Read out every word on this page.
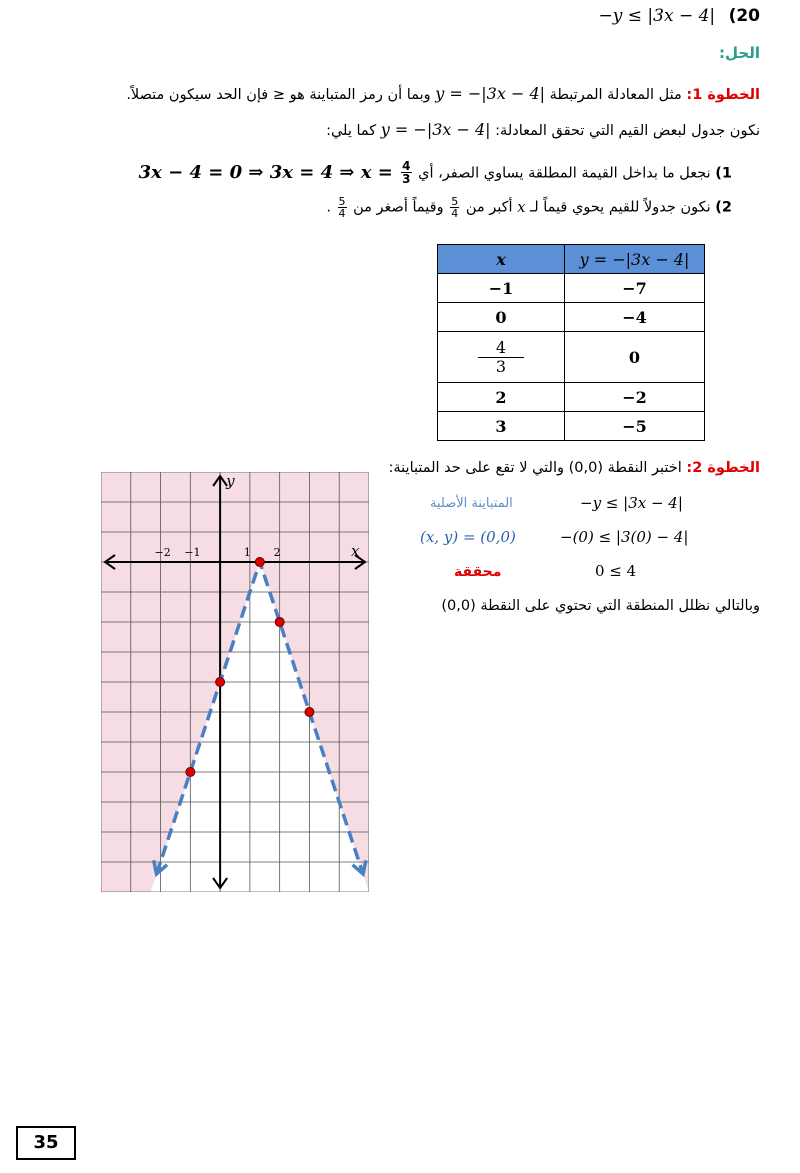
−y ≤ |3x − 4| (20
الحل:
الخطوة 1: مثل المعادلة المرتبطة y = −|3x − 4| وبما أن رمز المتباينة هو ≤ فإن الحد سيكون متصلاً.
نكون جدول لبعض القيم التي تحقق المعادلة: y = −|3x − 4| كما يلي:
1) نجعل ما بداخل القيمة المطلقة يساوي الصفر، أي 3x − 4 = 0 ⇒ 3x = 4 ⇒ $x = \frac{4}{3}$
2) نكون جدولاً للقيم يحوي قيماً لـ x أكبر من
$\frac{5}{4}$
وقيماً أصغر من
$\frac{5}{4}$
.
x	y = −|3x − 4|
−1	−7
0	−4

$\frac{4}{3}$	0
2	−2
3	−5
الخطوة 2: اختبر النقطة (0,0) والتي لا تقع على حد المتباينة:
المتباينة الأصلية	−y ≤ |3x − 4|
(x, y) = (0,0)	−(0) ≤ |3(0) − 4|
محققة	0 ≤ 4
وبالتالي نظلل المنطقة التي تحتوي على النقطة (0,0)
x
y
−2 −1	1 2
35
